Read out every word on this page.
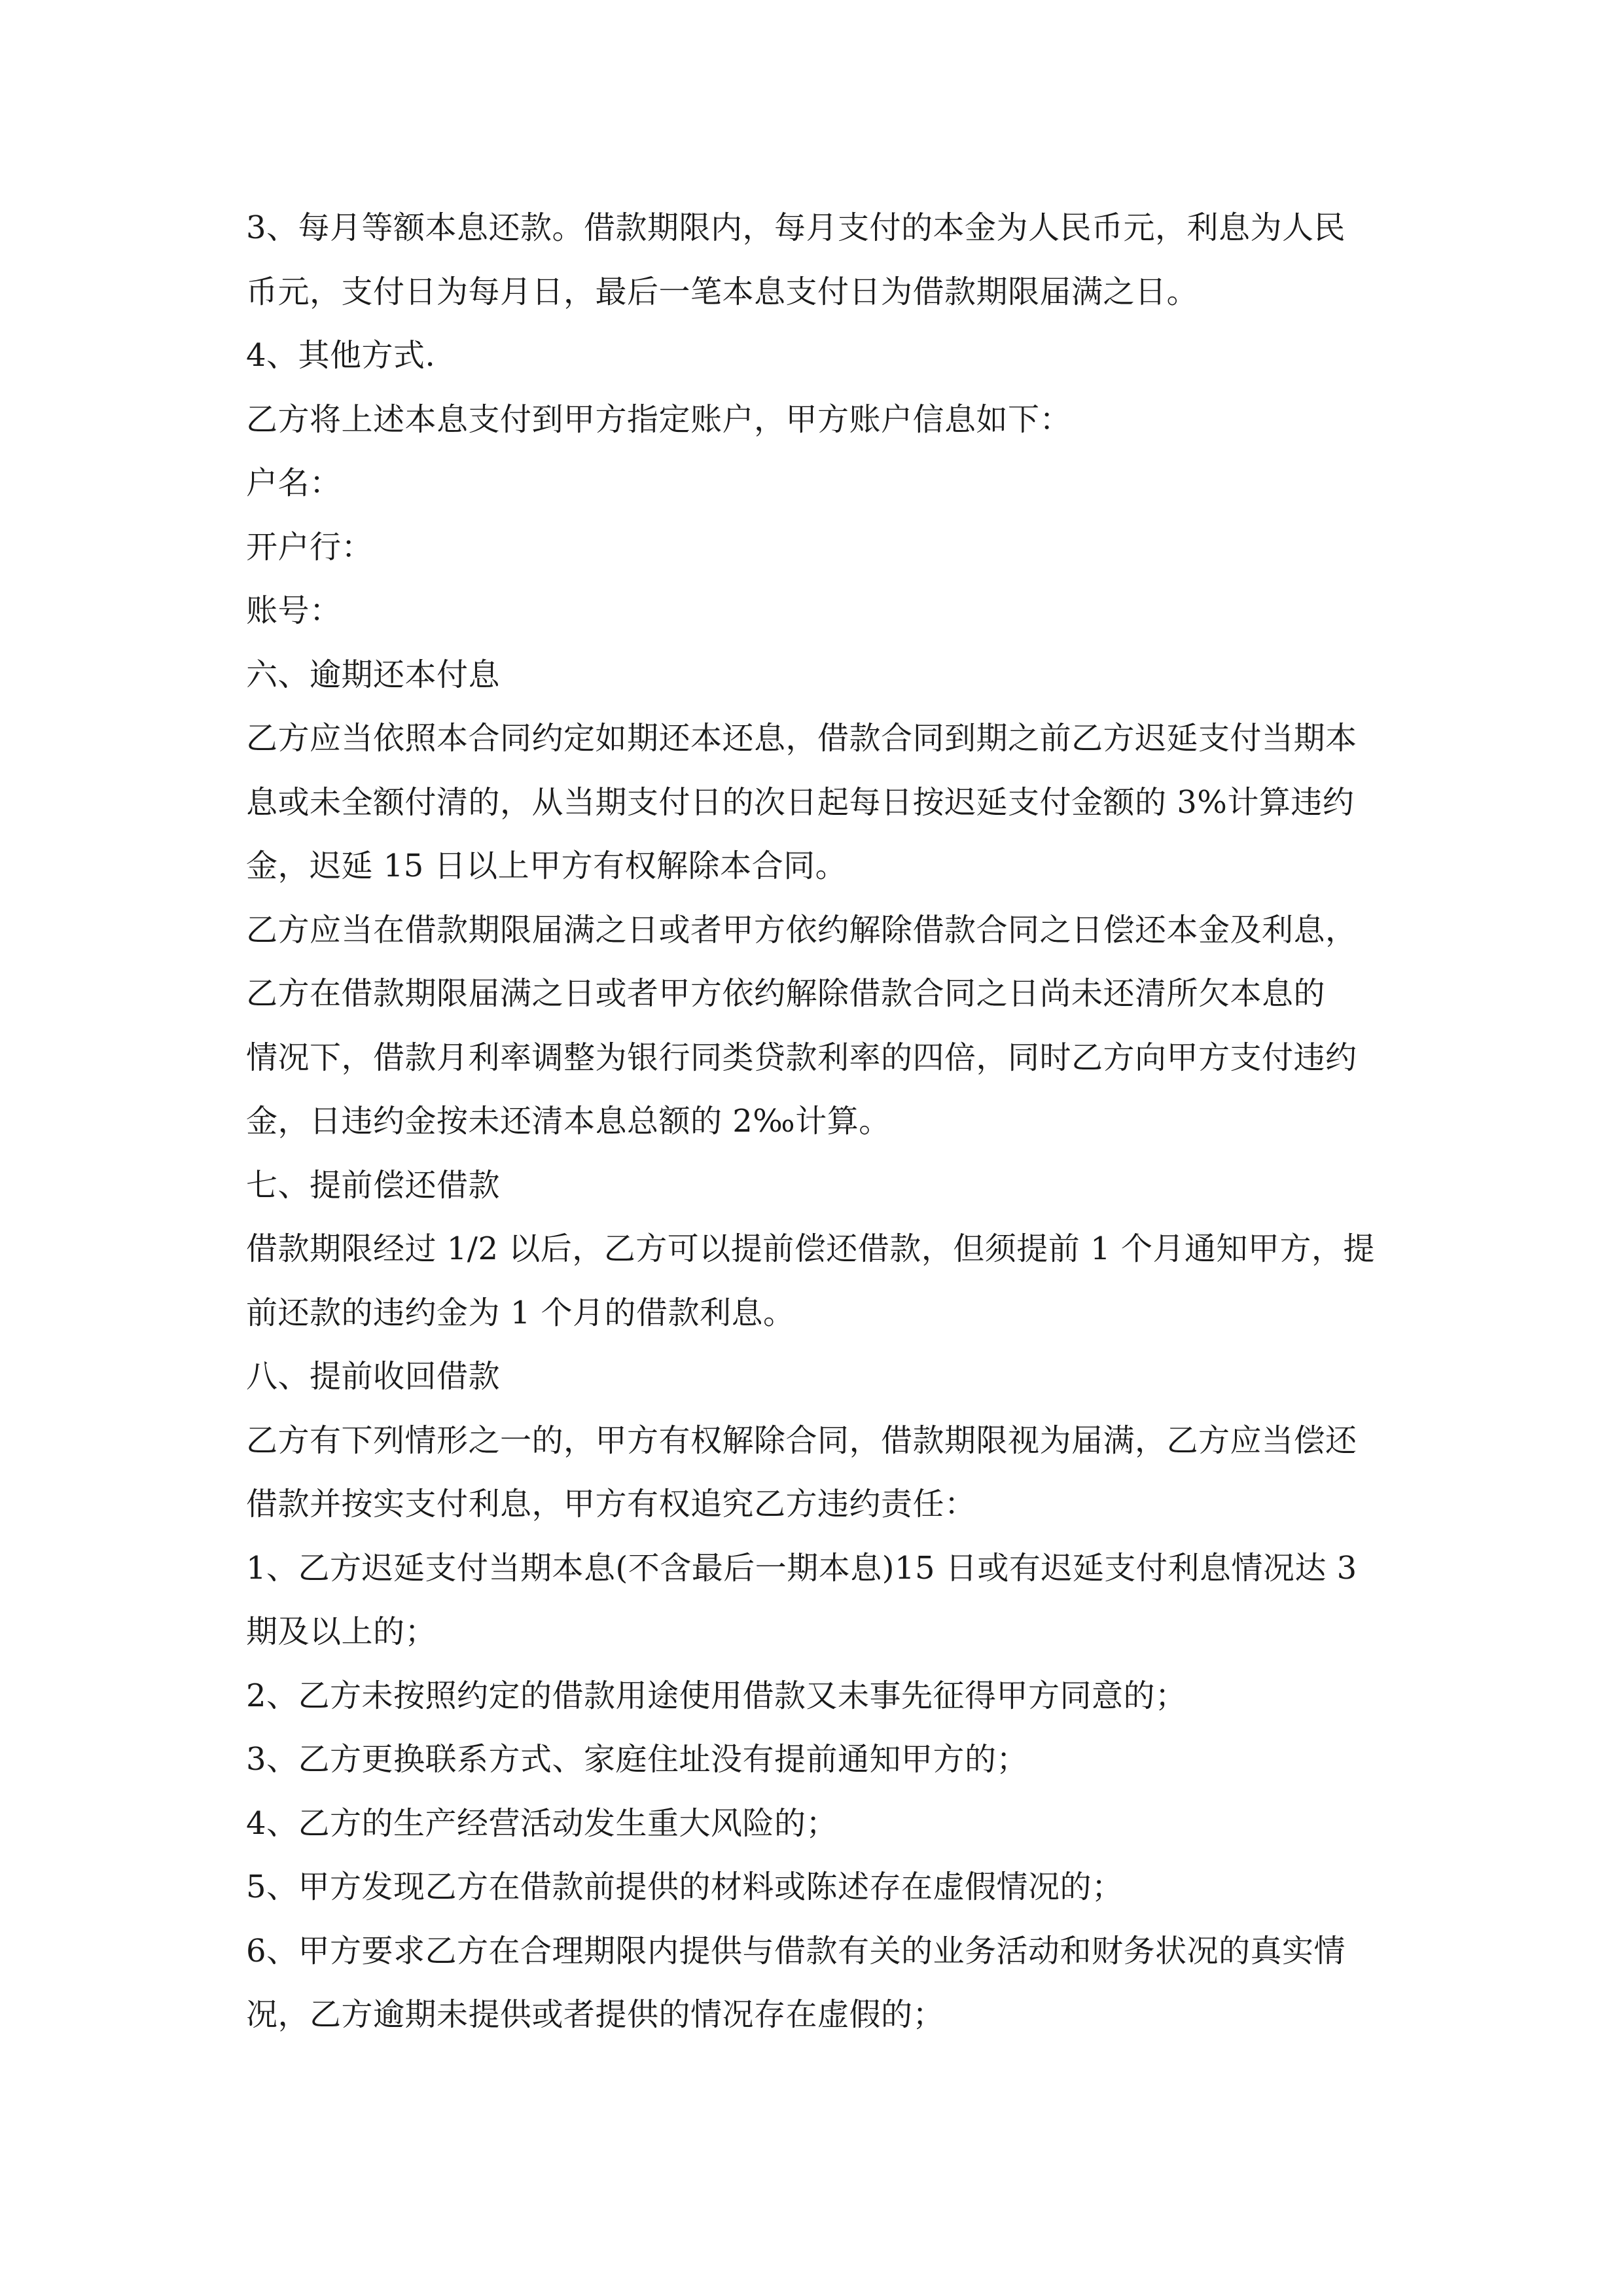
3、每月等额本息还款。借款期限内，每月支付的本金为人民币元，利息为人民

币元，支付日为每月日，最后一笔本息支付日为借款期限届满之日。

4、其他方式.

乙方将上述本息支付到甲方指定账户，甲方账户信息如下：

户名：

开户行：

账号：

六、逾期还本付息

乙方应当依照本合同约定如期还本还息，借款合同到期之前乙方迟延支付当期本

息或未全额付清的，从当期支付日的次日起每日按迟延支付金额的 3%计算违约

金，迟延 15 日以上甲方有权解除本合同。

乙方应当在借款期限届满之日或者甲方依约解除借款合同之日偿还本金及利息，

乙方在借款期限届满之日或者甲方依约解除借款合同之日尚未还清所欠本息的

情况下，借款月利率调整为银行同类贷款利率的四倍，同时乙方向甲方支付违约

金，日违约金按未还清本息总额的 2‰计算。

七、提前偿还借款

借款期限经过 1/2 以后，乙方可以提前偿还借款，但须提前 1 个月通知甲方，提

前还款的违约金为 1 个月的借款利息。

八、提前收回借款

乙方有下列情形之一的，甲方有权解除合同，借款期限视为届满，乙方应当偿还

借款并按实支付利息，甲方有权追究乙方违约责任：

1、乙方迟延支付当期本息(不含最后一期本息)15 日或有迟延支付利息情况达 3

期及以上的；

2、乙方未按照约定的借款用途使用借款又未事先征得甲方同意的；

3、乙方更换联系方式、家庭住址没有提前通知甲方的；

4、乙方的生产经营活动发生重大风险的；

5、甲方发现乙方在借款前提供的材料或陈述存在虚假情况的；

6、甲方要求乙方在合理期限内提供与借款有关的业务活动和财务状况的真实情

况，乙方逾期未提供或者提供的情况存在虚假的；
